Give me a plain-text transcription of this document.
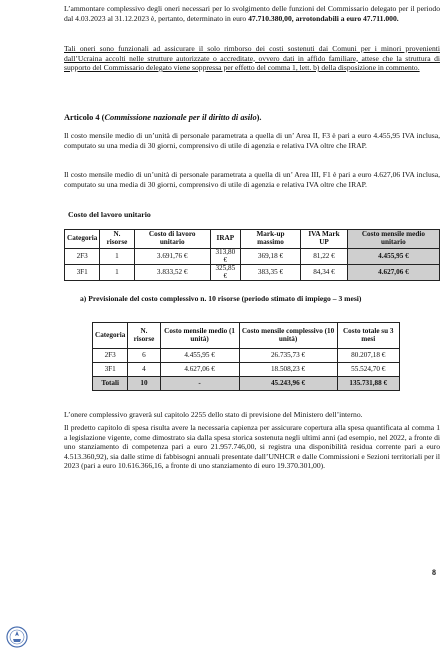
L’ammontare complessivo degli oneri necessari per lo svolgimento delle funzioni del Commissario delegato per il periodo dal 4.03.2023 al 31.12.2023 è, pertanto, determinato in euro 47.710.380,00, arrotondabili a euro 47.711.000.
Tali oneri sono funzionali ad assicurare il solo rimborso dei costi sostenuti dai Comuni per i minori provenienti dall’Ucraina accolti nelle strutture autorizzate o accreditate, ovvero dati in affido familiare, attese che la struttura di supporto del Commissario delegato viene soppressa per effetto del comma 1, lett. b) della disposizione in commento.
Articolo 4 (Commissione nazionale per il diritto di asilo).
Il costo mensile medio di un’unità di personale parametrata a quella di un’ Area II, F3 è pari a euro 4.455,95 IVA inclusa, computato su una media di 30 giorni, comprensivo di utile di agenzia e relativa IVA oltre che IRAP.
Il costo mensile medio di un’unità di personale parametrata a quella di un’ Area III, F1 è pari a euro 4.627,06 IVA inclusa, computato su una media di 30 giorni, comprensivo di utile di agenzia e relativa IVA oltre che IRAP.
Costo del lavoro unitario
Categoria	N. risorse	Costo di lavoro unitario	IRAP	Mark-up massimo	IVA Mark UP	Costo mensile medio unitario
2F3	1	3.691,76 €	313,80 €	369,18 €	81,22 €	4.455,95 €
3F1	1	3.833,52 €	325,85 €	383,35 €	84,34 €	4.627,06 €
a) Previsionale del costo complessivo n. 10 risorse (periodo stimato di impiego – 3 mesi)
Categoria	N. risorse	Costo mensile medio (1 unità)	Costo mensile complessivo (10 unità)	Costo totale su 3 mesi
2F3	6	4.455,95 €	26.735,73 €	80.207,18 €
3F1	4	4.627,06 €	18.508,23 €	55.524,70 €
Totali	10	-	45.243,96 €	135.731,88 €
L’onere complessivo graverà sul capitolo 2255 dello stato di previsione del Ministero dell’interno.
Il predetto capitolo di spesa risulta avere la necessaria capienza per assicurare copertura alla spesa quantificata al comma 1 a legislazione vigente, come dimostrato sia dalla spesa storica sostenuta negli ultimi anni (ad esempio, nel 2022, a fronte di uno stanziamento di competenza pari a euro 21.957.746,00, si registra una disponibilità residua corrente pari a euro 4.513.360,92), sia dalle stime di fabbisogni annuali presentate dall’UNHCR e dalle Commissioni e Sezioni territoriali per il 2023 (pari a euro 10.616.366,16, a fronte di uno stanziamento di euro 19.370.301,00).
8
